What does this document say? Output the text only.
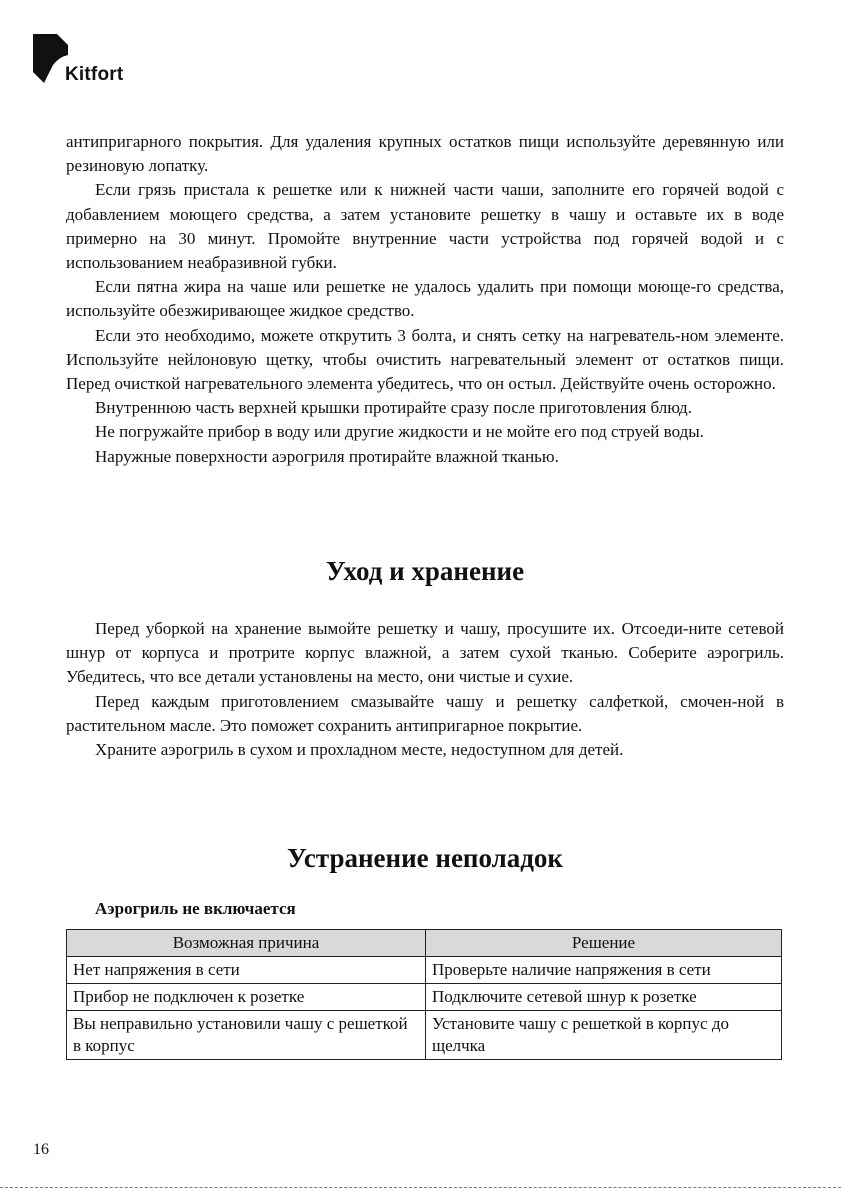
Kitfort

антипригарного покрытия. Для удаления крупных остатков пищи используйте деревянную или резиновую лопатку.

Если грязь пристала к решетке или к нижней части чаши, заполните его горячей водой с добавлением моющего средства, а затем установите решетку в чашу и оставьте их в воде примерно на 30 минут. Промойте внутренние части устройства под горячей водой и с использованием неабразивной губки.

Если пятна жира на чаше или решетке не удалось удалить при помощи моюще-го средства, используйте обезжиривающее жидкое средство.

Если это необходимо, можете открутить 3 болта, и снять сетку на нагреватель-ном элементе. Используйте нейлоновую щетку, чтобы очистить нагревательный элемент от остатков пищи. Перед очисткой нагревательного элемента убедитесь, что он остыл. Действуйте очень осторожно.

Внутреннюю часть верхней крышки протирайте сразу после приготовления блюд.

Не погружайте прибор в воду или другие жидкости и не мойте его под струей воды.

Наружные поверхности аэрогриля протирайте влажной тканью.

Уход и хранение

Перед уборкой на хранение вымойте решетку и чашу, просушите их. Отсоеди-ните сетевой шнур от корпуса и протрите корпус влажной, а затем сухой тканью. Соберите аэрогриль. Убедитесь, что все детали установлены на место, они чистые и сухие.

Перед каждым приготовлением смазывайте чашу и решетку салфеткой, смочен-ной в растительном масле. Это поможет сохранить антипригарное покрытие.

Храните аэрогриль в сухом и прохладном месте, недоступном для детей.

Устранение неполадок

Аэрогриль не включается

Возможная причина	Решение
Нет напряжения в сети	Проверьте наличие напряжения в сети
Прибор не подключен к розетке	Подключите сетевой шнур к розетке
Вы неправильно установили чашу с решеткой в корпус	Установите чашу с решеткой в корпус до щелчка
16
